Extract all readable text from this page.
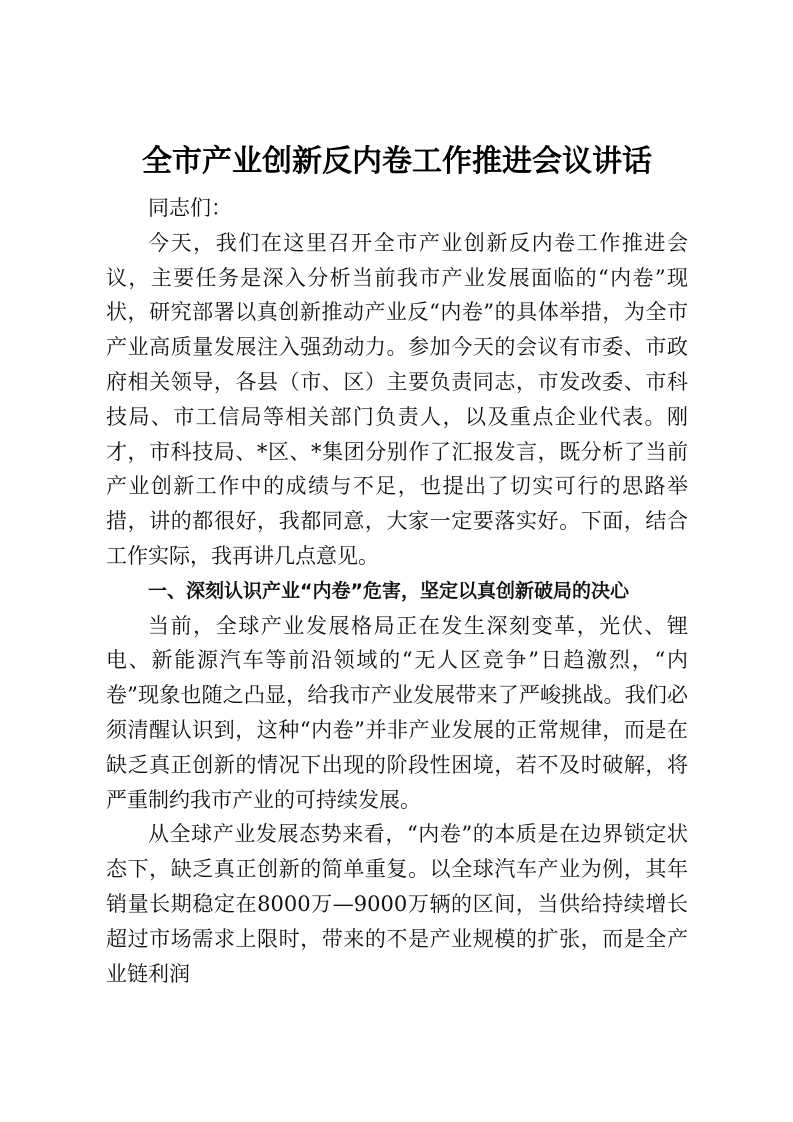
全市产业创新反内卷工作推进会议讲话

同志们：

今天，我们在这里召开全市产业创新反内卷工作推进会议，主要任务是深入分析当前我市产业发展面临的“内卷”现状，研究部署以真创新推动产业反“内卷”的具体举措，为全市产业高质量发展注入强劲动力。参加今天的会议有市委、市政府相关领导，各县（市、区）主要负责同志，市发改委、市科技局、市工信局等相关部门负责人，以及重点企业代表。刚才，市科技局、*区、*集团分别作了汇报发言，既分析了当前产业创新工作中的成绩与不足，也提出了切实可行的思路举措，讲的都很好，我都同意，大家一定要落实好。下面，结合工作实际，我再讲几点意见。

一、深刻认识产业“内卷”危害，坚定以真创新破局的决心

当前，全球产业发展格局正在发生深刻变革，光伏、锂电、新能源汽车等前沿领域的“无人区竞争”日趋激烈，“内卷”现象也随之凸显，给我市产业发展带来了严峻挑战。我们必须清醒认识到，这种“内卷”并非产业发展的正常规律，而是在缺乏真正创新的情况下出现的阶段性困境，若不及时破解，将严重制约我市产业的可持续发展。

从全球产业发展态势来看，“内卷”的本质是在边界锁定状态下，缺乏真正创新的简单重复。以全球汽车产业为例，其年销量长期稳定在8000万—9000万辆的区间，当供给持续增长超过市场需求上限时，带来的不是产业规模的扩张，而是全产业链利润
